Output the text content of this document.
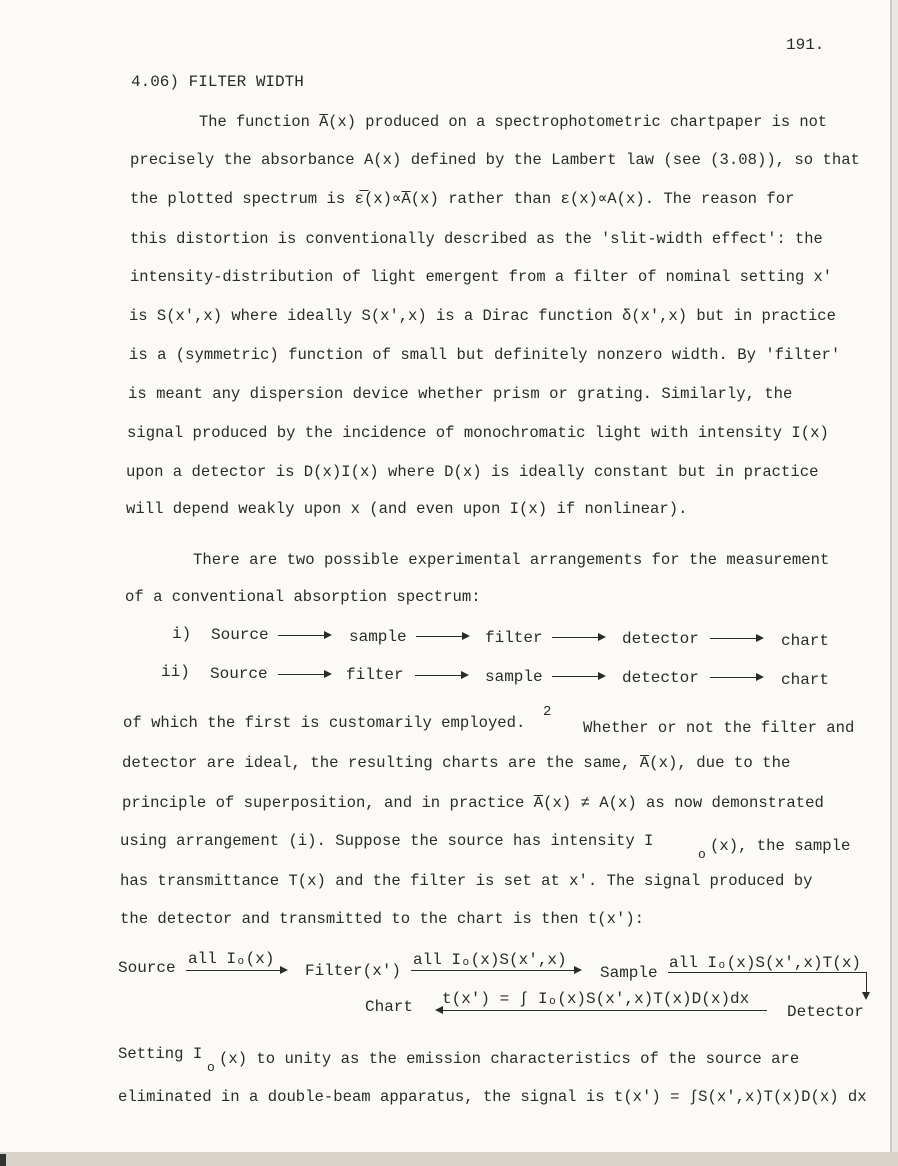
191.
4.06) FILTER WIDTH
The function A̅(x) produced on a spectrophotometric chartpaper is not
precisely the absorbance A(x) defined by the Lambert law (see (3.08)), so that
the plotted spectrum is ε̅(x)∝A̅(x) rather than ε(x)∝A(x). The reason for
this distortion is conventionally described as the 'slit-width effect': the
intensity-distribution of light emergent from a filter of nominal setting x'
is S(x',x) where ideally S(x',x) is a Dirac function δ(x',x) but in practice
is a (symmetric) function of small but definitely nonzero width. By 'filter'
is meant any dispersion device whether prism or grating. Similarly, the
signal produced by the incidence of monochromatic light with intensity I(x)
upon a detector is D(x)I(x) where D(x) is ideally constant but in practice
will depend weakly upon x (and even upon I(x) if nonlinear).
There are two possible experimental arrangements for the measurement
of a conventional absorption spectrum:
i) Source	sample	filter	detector	chart
ii) Source	filter	sample	detector	chart
of which the first is customarily employed.
2
Whether or not the filter and
detector are ideal, the resulting charts are the same, A̅(x), due to the
principle of superposition, and in practice A̅(x) ≠ A(x) as now demonstrated
using arrangement (i). Suppose the source has intensity I
o (x), the sample
has transmittance T(x) and the filter is set at x'. The signal produced by
the detector and transmitted to the chart is then t(x'):
Source all Iₒ(x)
Filter(x')
all Iₒ(x)S(x',x)
Sample
all Iₒ(x)S(x',x)T(x)
Detector
t(x') = ∫ Iₒ(x)S(x',x)T(x)D(x)dx
Chart
Setting I
o (x) to unity as the emission characteristics of the source are
eliminated in a double-beam apparatus, the signal is t(x') = ∫S(x',x)T(x)D(x) dx
